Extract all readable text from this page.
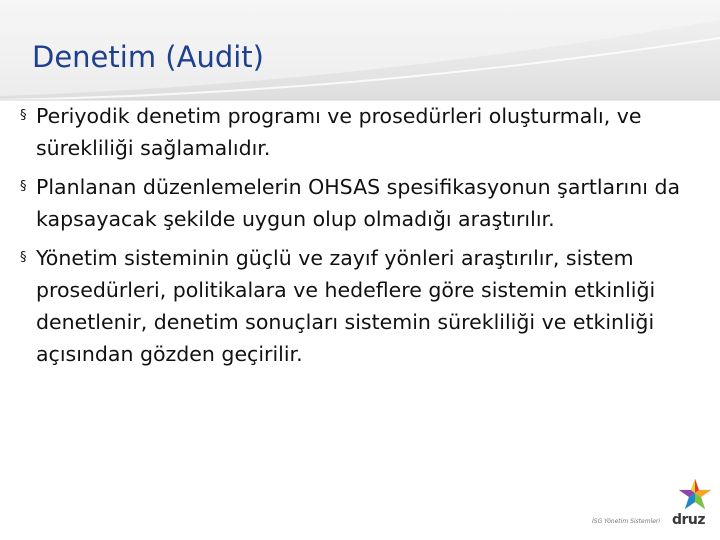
Denetim (Audit)
§ Periyodik denetim programı ve prosedürleri oluşturmalı, ve sürekliliği sağlamalıdır.
§ Planlanan düzenlemelerin OHSAS spesifikasyonun şartlarını da kapsayacak şekilde uygun olup olmadığı araştırılır.
§ Yönetim sisteminin güçlü ve zayıf yönleri araştırılır, sistem prosedürleri, politikalara ve hedeflere göre sistemin etkinliği denetlenir, denetim sonuçları sistemin sürekliliği ve etkinliği açısından gözden geçirilir.
İSG Yönetim Sistemleri druz
